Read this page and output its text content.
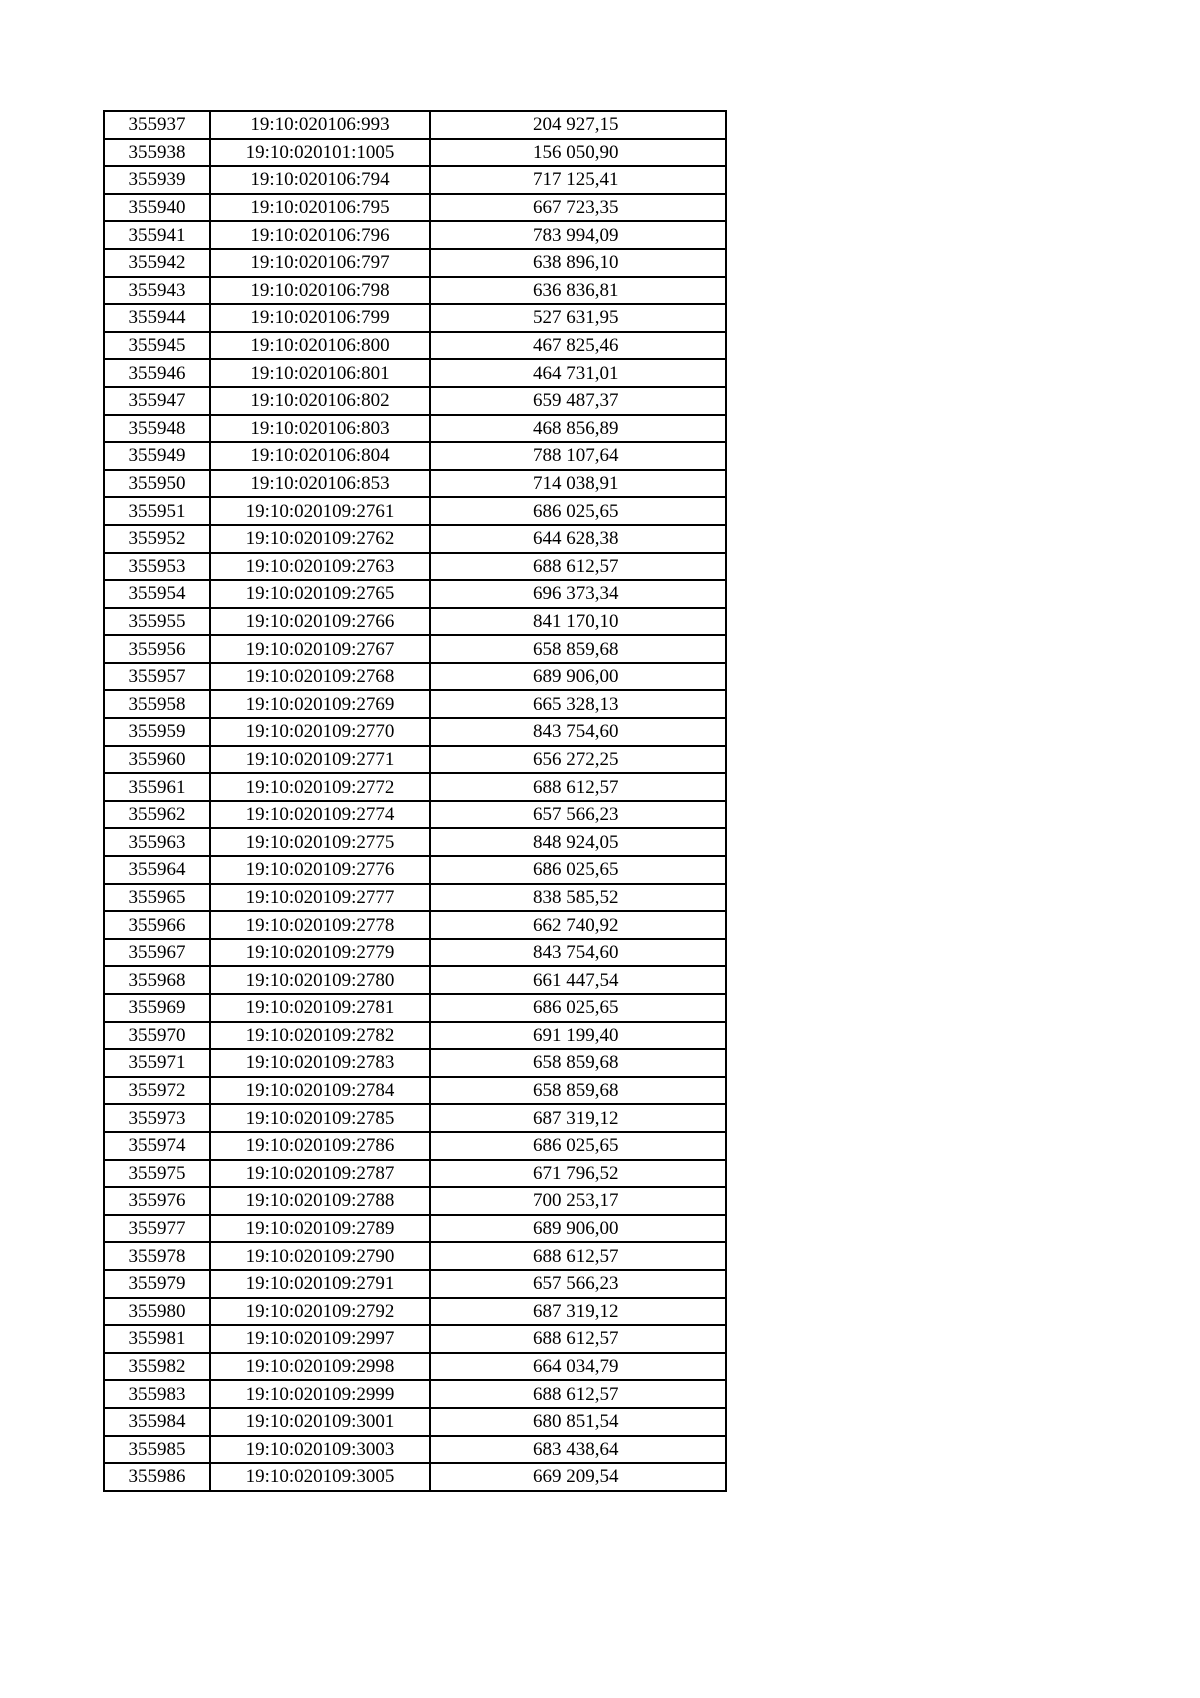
355937	19:10:020106:993	204 927,15
355938	19:10:020101:1005	156 050,90
355939	19:10:020106:794	717 125,41
355940	19:10:020106:795	667 723,35
355941	19:10:020106:796	783 994,09
355942	19:10:020106:797	638 896,10
355943	19:10:020106:798	636 836,81
355944	19:10:020106:799	527 631,95
355945	19:10:020106:800	467 825,46
355946	19:10:020106:801	464 731,01
355947	19:10:020106:802	659 487,37
355948	19:10:020106:803	468 856,89
355949	19:10:020106:804	788 107,64
355950	19:10:020106:853	714 038,91
355951	19:10:020109:2761	686 025,65
355952	19:10:020109:2762	644 628,38
355953	19:10:020109:2763	688 612,57
355954	19:10:020109:2765	696 373,34
355955	19:10:020109:2766	841 170,10
355956	19:10:020109:2767	658 859,68
355957	19:10:020109:2768	689 906,00
355958	19:10:020109:2769	665 328,13
355959	19:10:020109:2770	843 754,60
355960	19:10:020109:2771	656 272,25
355961	19:10:020109:2772	688 612,57
355962	19:10:020109:2774	657 566,23
355963	19:10:020109:2775	848 924,05
355964	19:10:020109:2776	686 025,65
355965	19:10:020109:2777	838 585,52
355966	19:10:020109:2778	662 740,92
355967	19:10:020109:2779	843 754,60
355968	19:10:020109:2780	661 447,54
355969	19:10:020109:2781	686 025,65
355970	19:10:020109:2782	691 199,40
355971	19:10:020109:2783	658 859,68
355972	19:10:020109:2784	658 859,68
355973	19:10:020109:2785	687 319,12
355974	19:10:020109:2786	686 025,65
355975	19:10:020109:2787	671 796,52
355976	19:10:020109:2788	700 253,17
355977	19:10:020109:2789	689 906,00
355978	19:10:020109:2790	688 612,57
355979	19:10:020109:2791	657 566,23
355980	19:10:020109:2792	687 319,12
355981	19:10:020109:2997	688 612,57
355982	19:10:020109:2998	664 034,79
355983	19:10:020109:2999	688 612,57
355984	19:10:020109:3001	680 851,54
355985	19:10:020109:3003	683 438,64
355986	19:10:020109:3005	669 209,54
